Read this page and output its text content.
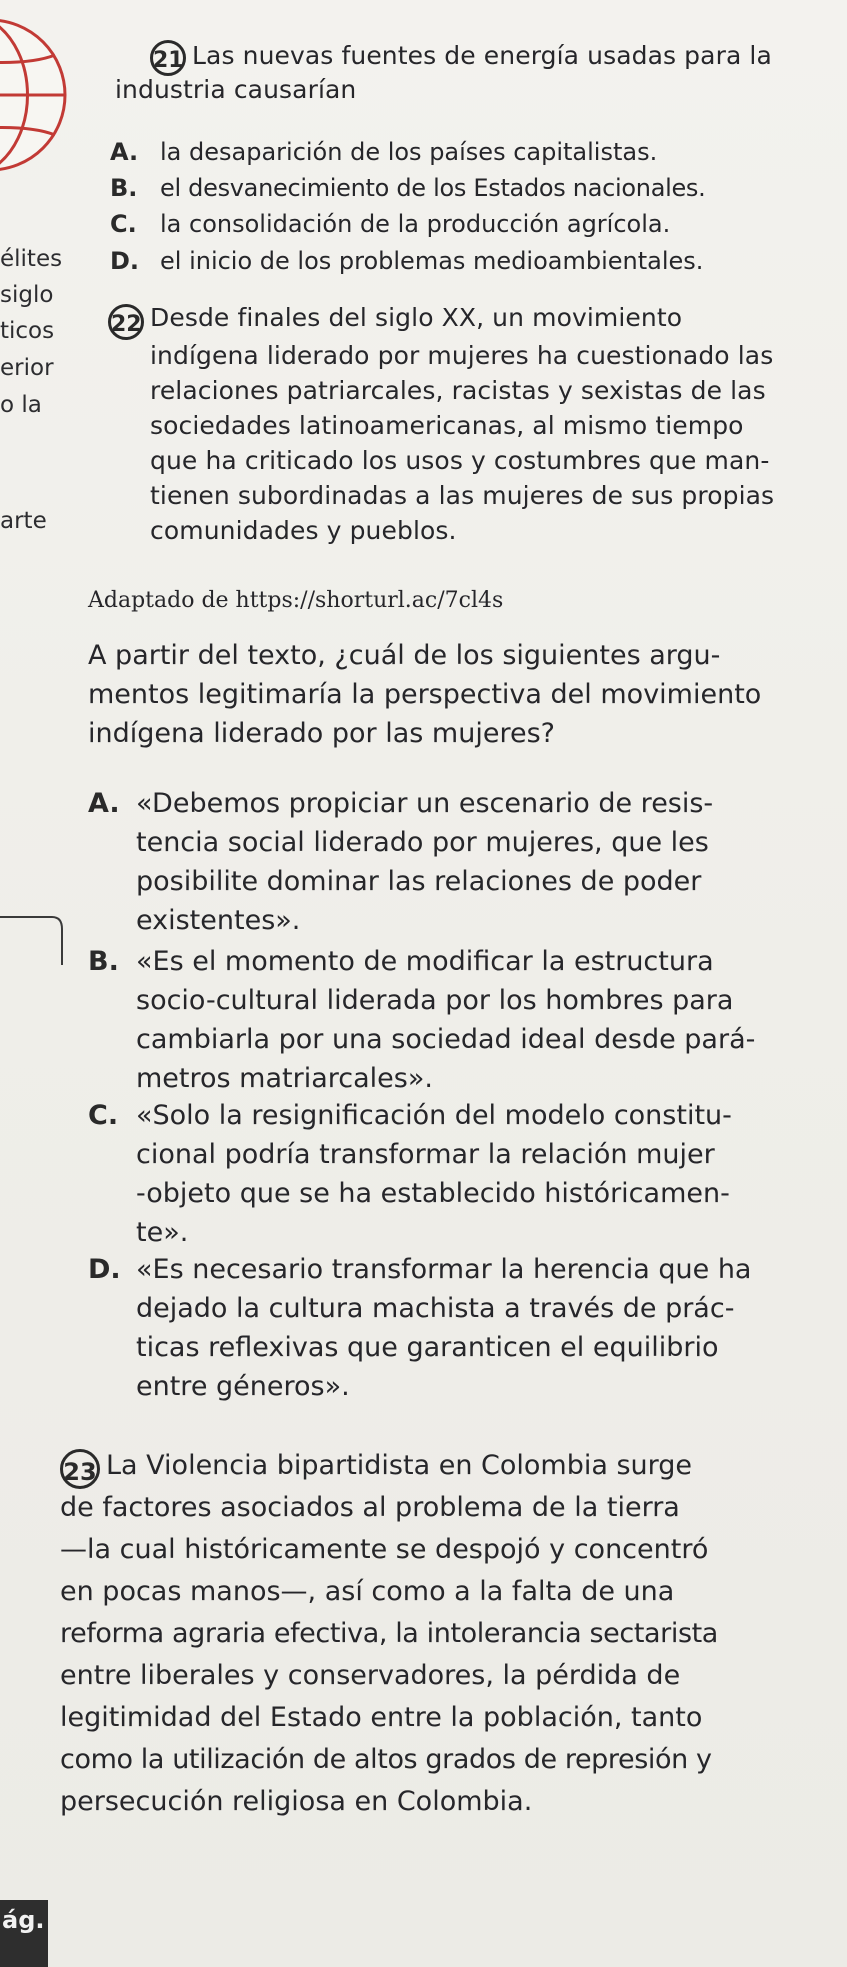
21 Las nuevas fuentes de energía usadas para la
industria causarían
A. la desaparición de los países capitalistas.
B. el desvanecimiento de los Estados nacionales.
C. la consolidación de la producción agrícola.
D. el inicio de los problemas medioambientales.
élites
siglo
ticos
erior
o la
arte
22 Desde finales del siglo XX, un movimiento
indígena liderado por mujeres ha cuestionado las
relaciones patriarcales, racistas y sexistas de las
sociedades latinoamericanas, al mismo tiempo
que ha criticado los usos y costumbres que man-
tienen subordinadas a las mujeres de sus propias
comunidades y pueblos.
Adaptado de https://shorturl.ac/7cl4s
A partir del texto, ¿cuál de los siguientes argu-
mentos legitimaría la perspectiva del movimiento
indígena liderado por las mujeres?
A. «Debemos propiciar un escenario de resis-
tencia social liderado por mujeres, que les
posibilite dominar las relaciones de poder
existentes».
B. «Es el momento de modificar la estructura
socio-cultural liderada por los hombres para
cambiarla por una sociedad ideal desde pará-
metros matriarcales».
C. «Solo la resignificación del modelo constitu-
cional podría transformar la relación mujer
-objeto que se ha establecido históricamen-
te».
D. «Es necesario transformar la herencia que ha
dejado la cultura machista a través de prác-
ticas reflexivas que garanticen el equilibrio
entre géneros».
23 La Violencia bipartidista en Colombia surge
de factores asociados al problema de la tierra
—la cual históricamente se despojó y concentró
en pocas manos—, así como a la falta de una
reforma agraria efectiva, la intolerancia sectarista
entre liberales y conservadores, la pérdida de
legitimidad del Estado entre la población, tanto
como la utilización de altos grados de represión y
persecución religiosa en Colombia.
ág.
